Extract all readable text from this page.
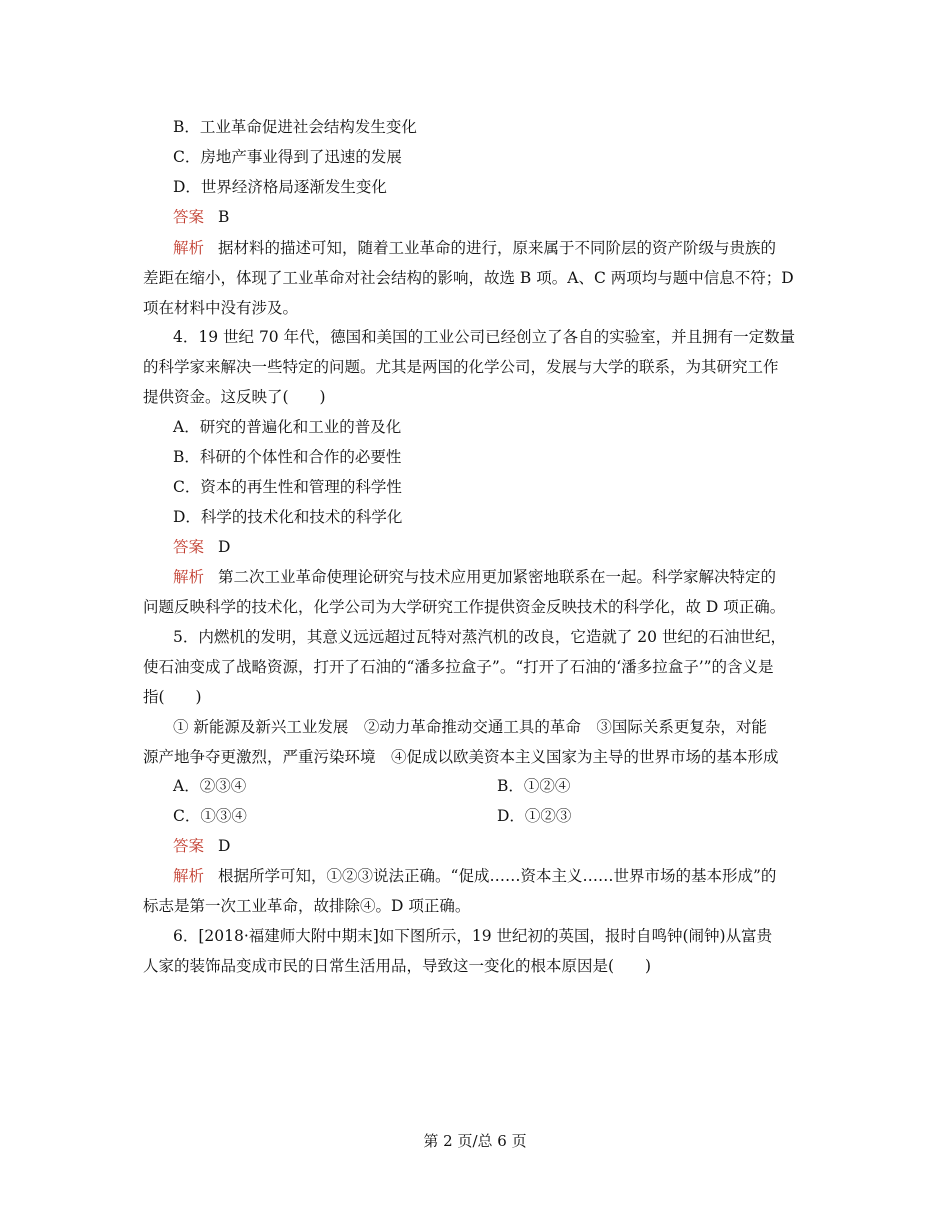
B．工业革命促进社会结构发生变化
C．房地产事业得到了迅速的发展
D．世界经济格局逐渐发生变化
答案 B
解析 据材料的描述可知，随着工业革命的进行，原来属于不同阶层的资产阶级与贵族的
差距在缩小，体现了工业革命对社会结构的影响，故选 B 项。A、C 两项均与题中信息不符；D
项在材料中没有涉及。
4．19 世纪 70 年代，德国和美国的工业公司已经创立了各自的实验室，并且拥有一定数量
的科学家来解决一些特定的问题。尤其是两国的化学公司，发展与大学的联系，为其研究工作
提供资金。这反映了(　　)
A．研究的普遍化和工业的普及化
B．科研的个体性和合作的必要性
C．资本的再生性和管理的科学性
D．科学的技术化和技术的科学化
答案 D
解析 第二次工业革命使理论研究与技术应用更加紧密地联系在一起。科学家解决特定的
问题反映科学的技术化，化学公司为大学研究工作提供资金反映技术的科学化，故 D 项正确。
5．内燃机的发明，其意义远远超过瓦特对蒸汽机的改良，它造就了 20 世纪的石油世纪，
使石油变成了战略资源，打开了石油的“潘多拉盒子”。“打开了石油的‘潘多拉盒子’”的含义是
指(　　)
① 新能源及新兴工业发展　②动力革命推动交通工具的革命　③国际关系更复杂，对能
源产地争夺更激烈，严重污染环境　④促成以欧美资本主义国家为主导的世界市场的基本形成
A．②③④	B．①②④
C．①③④	D．①②③
答案 D
解析 根据所学可知，①②③说法正确。“促成……资本主义……世界市场的基本形成”的
标志是第一次工业革命，故排除④。D 项正确。
6．[2018·福建师大附中期末]如下图所示，19 世纪初的英国，报时自鸣钟(闹钟)从富贵
人家的装饰品变成市民的日常生活用品，导致这一变化的根本原因是(　　)
第 2 页/总 6 页
